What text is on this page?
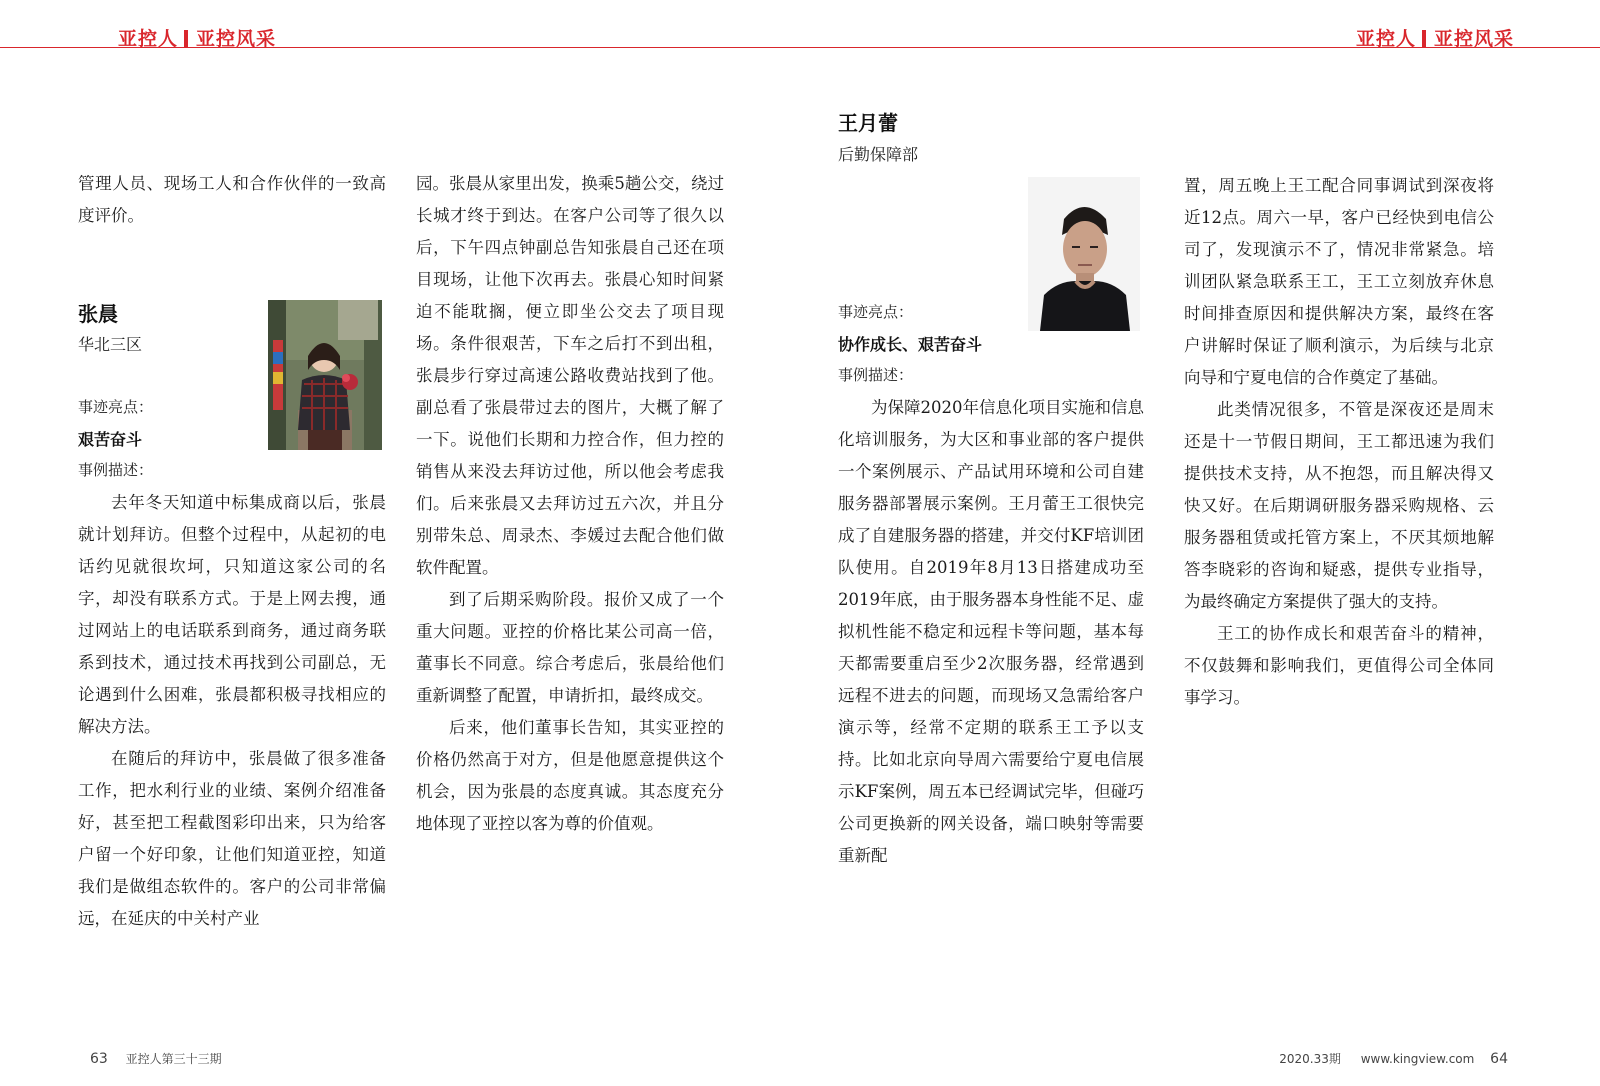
亚控人 亚控风采	亚控人 亚控风采

管理人员、现场工人和合作伙伴的一致高度评价。

张晨
华北三区
事迹亮点：
艰苦奋斗
事例描述：

去年冬天知道中标集成商以后，张晨就计划拜访。但整个过程中，从起初的电话约见就很坎坷，只知道这家公司的名字，却没有联系方式。于是上网去搜，通过网站上的电话联系到商务，通过商务联系到技术，通过技术再找到公司副总，无论遇到什么困难，张晨都积极寻找相应的解决方法。

在随后的拜访中，张晨做了很多准备工作，把水利行业的业绩、案例介绍准备好，甚至把工程截图彩印出来，只为给客户留一个好印象，让他们知道亚控，知道我们是做组态软件的。客户的公司非常偏远，在延庆的中关村产业

园。张晨从家里出发，换乘5趟公交，绕过长城才终于到达。在客户公司等了很久以后，下午四点钟副总告知张晨自己还在项目现场，让他下次再去。张晨心知时间紧迫不能耽搁，便立即坐公交去了项目现场。条件很艰苦，下车之后打不到出租，张晨步行穿过高速公路收费站找到了他。副总看了张晨带过去的图片，大概了解了一下。说他们长期和力控合作，但力控的销售从来没去拜访过他，所以他会考虑我们。后来张晨又去拜访过五六次，并且分别带朱总、周录杰、李媛过去配合他们做软件配置。

到了后期采购阶段。报价又成了一个重大问题。亚控的价格比某公司高一倍，董事长不同意。综合考虑后，张晨给他们重新调整了配置，申请折扣，最终成交。

后来，他们董事长告知，其实亚控的价格仍然高于对方，但是他愿意提供这个机会，因为张晨的态度真诚。其态度充分地体现了亚控以客为尊的价值观。

王月蕾
后勤保障部
事迹亮点：
协作成长、艰苦奋斗
事例描述：

为保障2020年信息化项目实施和信息化培训服务，为大区和事业部的客户提供一个案例展示、产品试用环境和公司自建服务器部署展示案例。王月蕾王工很快完成了自建服务器的搭建，并交付KF培训团队使用。自2019年8月13日搭建成功至2019年底，由于服务器本身性能不足、虚拟机性能不稳定和远程卡等问题，基本每天都需要重启至少2次服务器，经常遇到远程不进去的问题，而现场又急需给客户演示等，经常不定期的联系王工予以支持。比如北京向导周六需要给宁夏电信展示KF案例，周五本已经调试完毕，但碰巧公司更换新的网关设备，端口映射等需要重新配

置，周五晚上王工配合同事调试到深夜将近12点。周六一早，客户已经快到电信公司了，发现演示不了，情况非常紧急。培训团队紧急联系王工，王工立刻放弃休息时间排查原因和提供解决方案，最终在客户讲解时保证了顺利演示，为后续与北京向导和宁夏电信的合作奠定了基础。

此类情况很多，不管是深夜还是周末还是十一节假日期间，王工都迅速为我们提供技术支持，从不抱怨，而且解决得又快又好。在后期调研服务器采购规格、云服务器租赁或托管方案上，不厌其烦地解答李晓彩的咨询和疑惑，提供专业指导，为最终确定方案提供了强大的支持。

王工的协作成长和艰苦奋斗的精神，不仅鼓舞和影响我们，更值得公司全体同事学习。

63 亚控人第三十三期	2020.33期 www.kingview.com 64
